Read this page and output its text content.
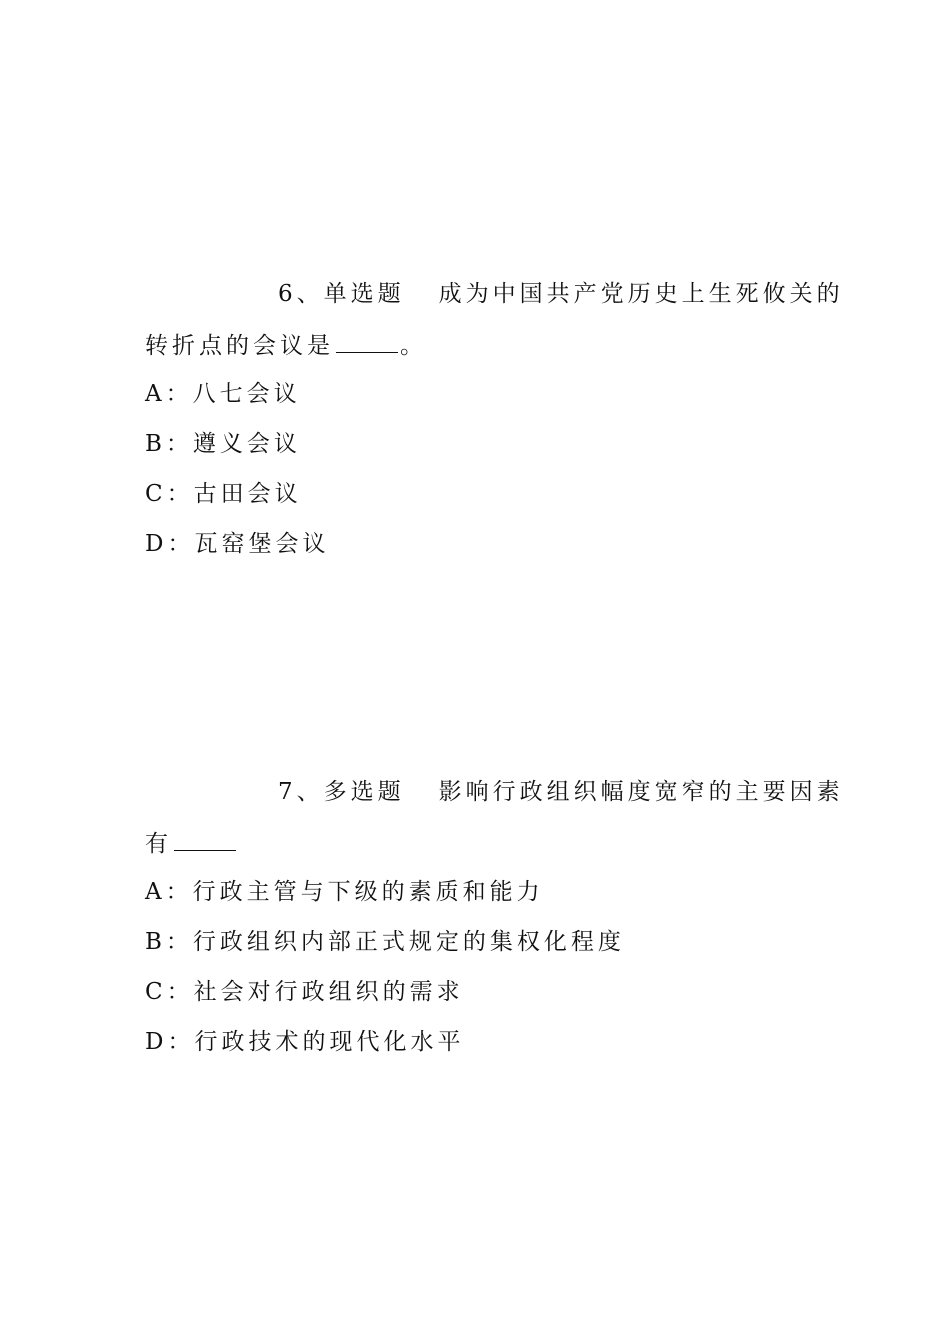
6、单选题 成为中国共产党历史上生死攸关的
转折点的会议是	。
A：八七会议
B：遵义会议
C：古田会议
D：瓦窑堡会议
7、多选题 影响行政组织幅度宽窄的主要因素
有
A：行政主管与下级的素质和能力
B：行政组织内部正式规定的集权化程度
C：社会对行政组织的需求
D：行政技术的现代化水平
